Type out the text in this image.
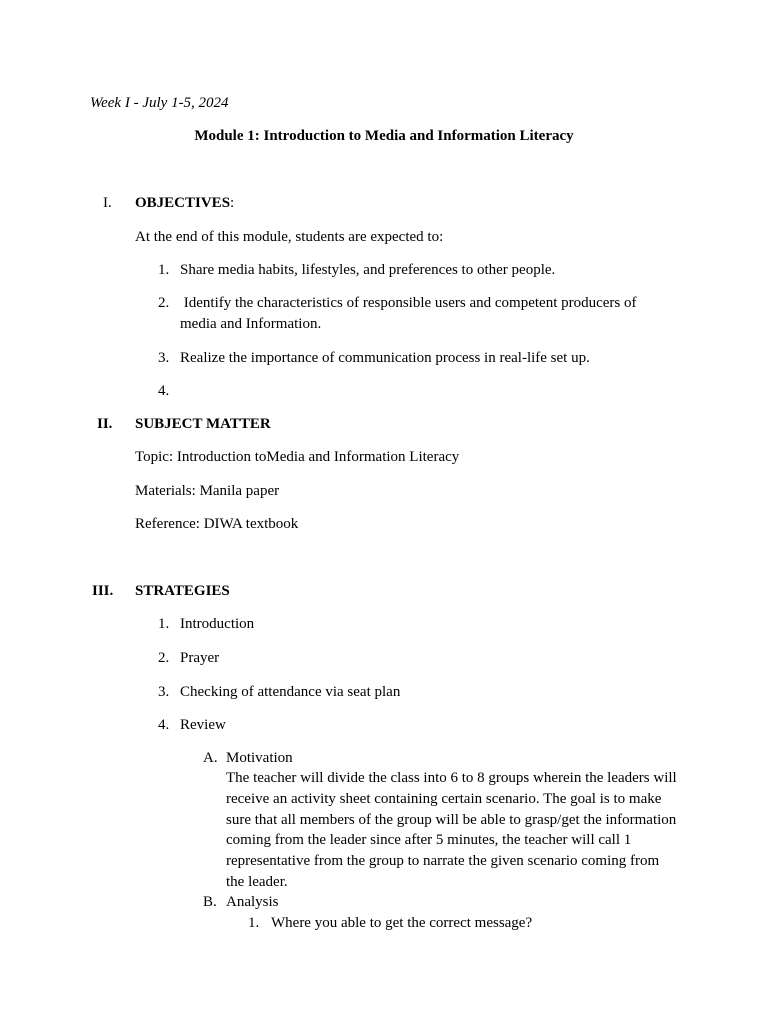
Week I - July 1-5, 2024
Module 1: Introduction to Media and Information Literacy
I. OBJECTIVES:
At the end of this module, students are expected to:
1. Share media habits, lifestyles, and preferences to other people.
2. Identify the characteristics of responsible users and competent producers of
media and Information.
3. Realize the importance of communication process in real-life set up.
4.
II. SUBJECT MATTER
Topic: Introduction toMedia and Information Literacy
Materials: Manila paper
Reference: DIWA textbook
III. STRATEGIES
1. Introduction
2. Prayer
3. Checking of attendance via seat plan
4. Review
A. Motivation
The teacher will divide the class into 6 to 8 groups wherein the leaders will receive an activity sheet containing certain scenario. The goal is to make sure that all members of the group will be able to grasp/get the information coming from the leader since after 5 minutes, the teacher will call 1 representative from the group to narrate the given scenario coming from the leader.
B. Analysis
1. Where you able to get the correct message?
